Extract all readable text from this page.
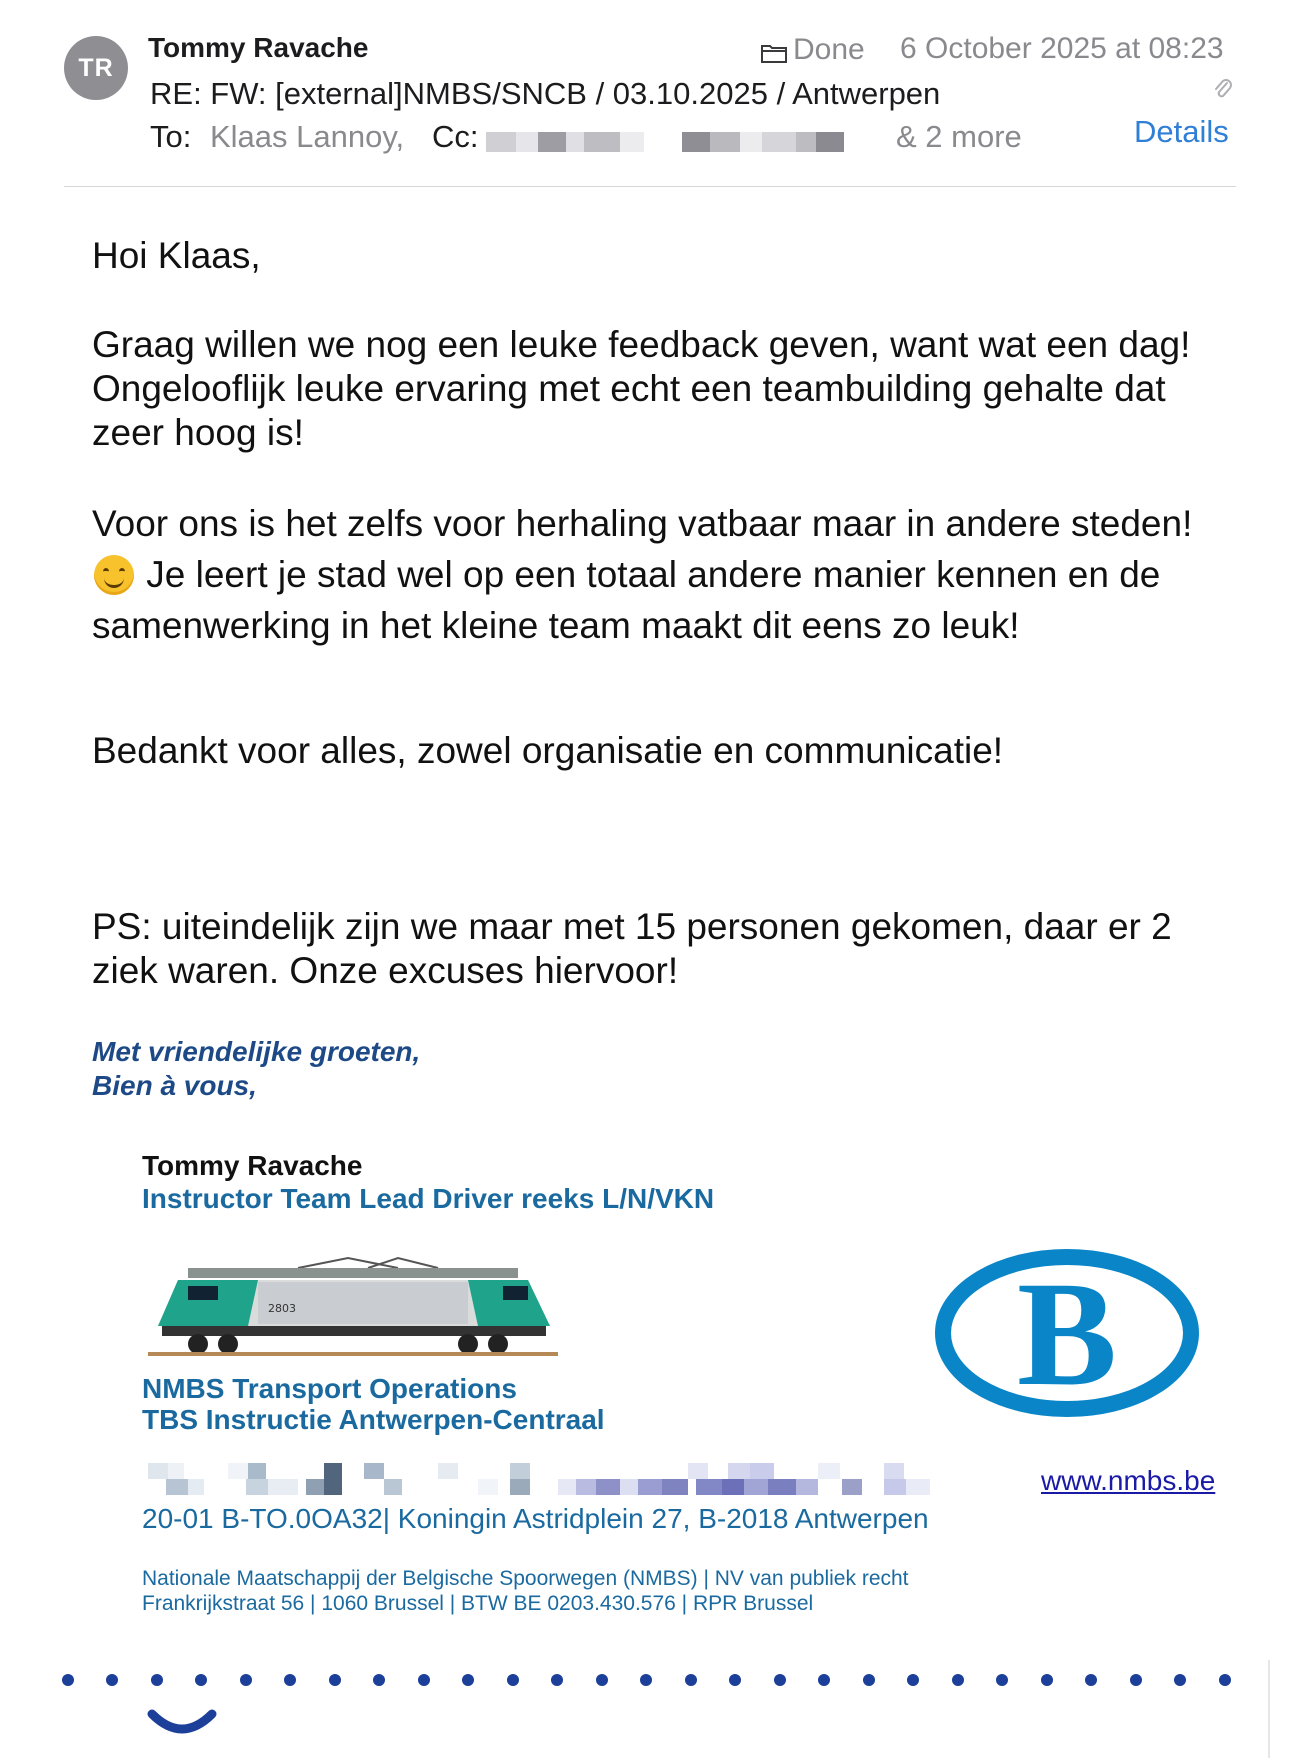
TR
Tommy Ravache	Done 6 October 2025 at 08:23
RE: FW: [external]NMBS/SNCB / 03.10.2025 / Antwerpen
To: Klaas Lannoy, Cc:	& 2 more	Details
Hoi Klaas,
Graag willen we nog een leuke feedback geven, want wat een dag! Ongelooflijk leuke ervaring met echt een teambuilding gehalte dat zeer hoog is!
Voor ons is het zelfs voor herhaling vatbaar maar in andere steden!
Je leert je stad wel op een totaal andere manier kennen en de samenwerking in het kleine team maakt dit eens zo leuk!
Bedankt voor alles, zowel organisatie en communicatie!
PS: uiteindelijk zijn we maar met 15 personen gekomen, daar er 2 ziek waren. Onze excuses hiervoor!
Met vriendelijke groeten,
Bien à vous,
Tommy Ravache
Instructor Team Lead Driver reeks L/N/VKN
2803	B
NMBS Transport Operations
TBS Instructie Antwerpen-Centraal
www.nmbs.be
20-01 B-TO.0OA32| Koningin Astridplein 27, B-2018 Antwerpen
Nationale Maatschappij der Belgische Spoorwegen (NMBS) | NV van publiek recht
Frankrijkstraat 56 | 1060 Brussel | BTW BE 0203.430.576 | RPR Brussel
